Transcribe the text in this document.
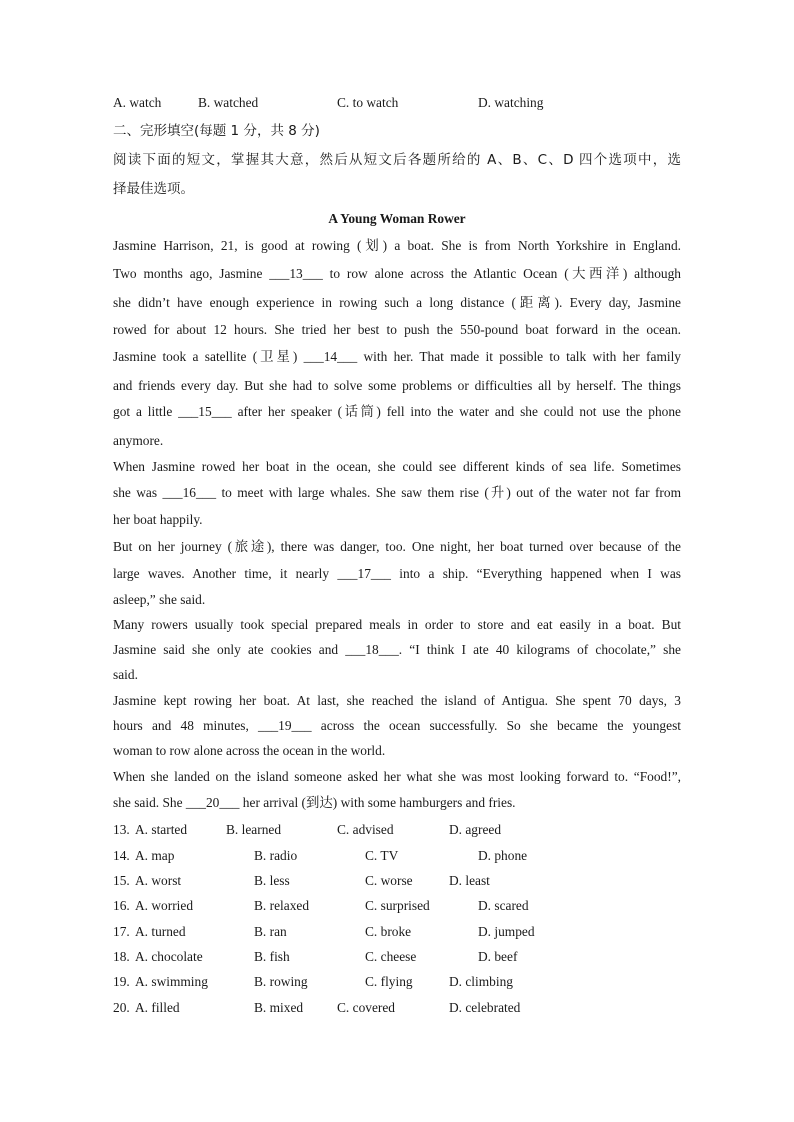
A. watch	B. watched	C. to watch	D. watching
二、完形填空(每题 1 分，共 8 分)
阅读下面的短文，掌握其大意，然后从短文后各题所给的 A、B、C、D 四个选项中，选
择最佳选项。
A Young Woman Rower
Jasmine Harrison, 21, is good at rowing (划) a boat. She is from North Yorkshire in England.
Two months ago, Jasmine ___13___ to row alone across the Atlantic Ocean (大西洋) although
she didn’t have enough experience in rowing such a long distance (距离). Every day, Jasmine
rowed for about 12 hours. She tried her best to push the 550-pound boat forward in the ocean.
Jasmine took a satellite (卫星) ___14___ with her. That made it possible to talk with her family
and friends every day. But she had to solve some problems or difficulties all by herself. The things
got a little ___15___ after her speaker (话筒) fell into the water and she could not use the phone
anymore.
When Jasmine rowed her boat in the ocean, she could see different kinds of sea life. Sometimes
she was ___16___ to meet with large whales. She saw them rise (升) out of the water not far from
her boat happily.
But on her journey (旅途), there was danger, too. One night, her boat turned over because of the
large waves. Another time, it nearly ___17___ into a ship. “Everything happened when I was
asleep,” she said.
Many rowers usually took special prepared meals in order to store and eat easily in a boat. But
Jasmine said she only ate cookies and ___18___. “I think I ate 40 kilograms of chocolate,” she
said.
Jasmine kept rowing her boat. At last, she reached the island of Antigua. She spent 70 days, 3
hours and 48 minutes, ___19___ across the ocean successfully. So she became the youngest
woman to row alone across the ocean in the world.
When she landed on the island someone asked her what she was most looking forward to. “Food!”,
she said. She ___20___ her arrival (到达) with some hamburgers and fries.
13. A. started	B. learned	C. advised	D. agreed
14. A. map	B. radio	C. TV	D. phone
15. A. worst	B. less	C. worse	D. least
16. A. worried	B. relaxed	C. surprised	D. scared
17. A. turned	B. ran	C. broke	D. jumped
18. A. chocolate	B. fish	C. cheese	D. beef
19. A. swimming	B. rowing	C. flying	D. climbing
20. A. filled	B. mixed	C. covered	D. celebrated
